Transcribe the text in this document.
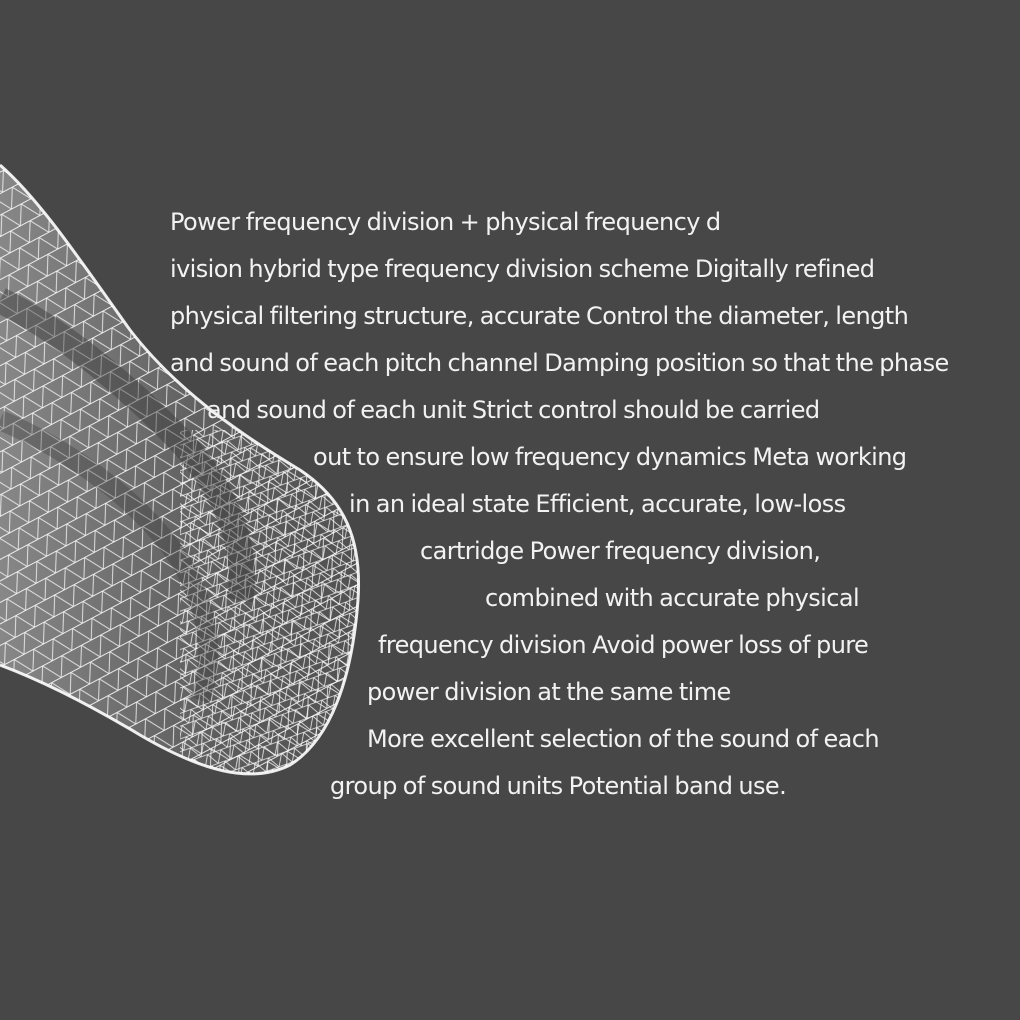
Power frequency division + physical frequency d
ivision hybrid type frequency division scheme Digitally refined
physical filtering structure, accurate Control the diameter, length
and sound of each pitch channel Damping position so that the phase
and sound of each unit Strict control should be carried
out to ensure low frequency dynamics Meta working
in an ideal state Efficient, accurate, low-loss
cartridge Power frequency division,
combined with accurate physical
frequency division Avoid power loss of pure
power division at the same time
More excellent selection of the sound of each
group of sound units Potential band use.
